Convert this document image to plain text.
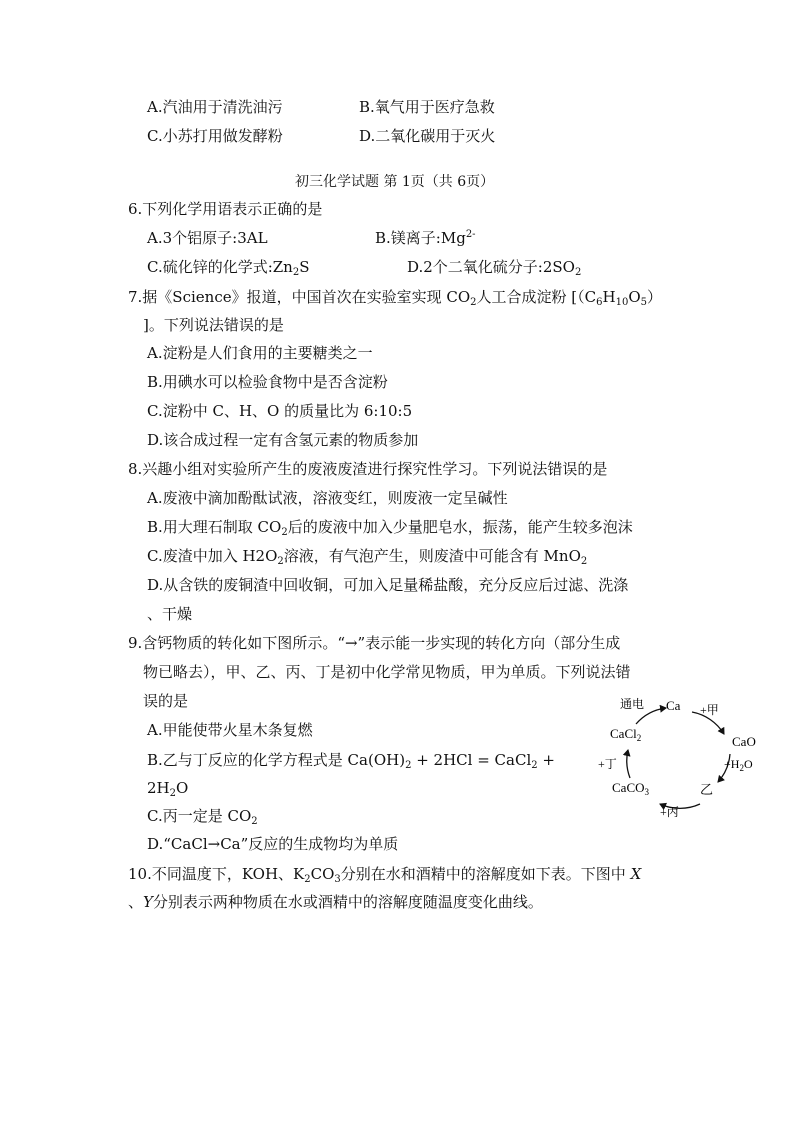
A.汽油用于清洗油污	B.氧气用于医疗急救
C.小苏打用做发酵粉	D.二氧化碳用于灭火
初三化学试题 第 1页（共 6页）
6.下列化学用语表示正确的是
A.3个铝原子:3AL	B.镁离子$:Mg^{2-}$
C.硫化锌的化学式$:Zn_2S$	D.2个二氧化硫分子$:2SO_2$
7.据《Science》报道，中国首次在实验室实现 $CO_2$人工合成淀粉 [$(C_6H_{10}O_5)$
]。下列说法错误的是
A.淀粉是人们食用的主要糖类之一
B.用碘水可以检验食物中是否含淀粉
C.淀粉中 C、H、O 的质量比为 6:10:5
D.该合成过程一定有含氢元素的物质参加
8.兴趣小组对实验所产生的废液废渣进行探究性学习。下列说法错误的是
A.废液中滴加酚酞试液，溶液变红，则废液一定呈碱性
B.用大理石制取 $CO_2$后的废液中加入少量肥皂水，振荡，能产生较多泡沫
C.废渣中加入 $H2O_2$溶液，有气泡产生，则废渣中可能含有 MnO$_2$
D.从含铁的废铜渣中回收铜，可加入足量稀盐酸，充分反应后过滤、洗涤
、干燥
9.含钙物质的转化如下图所示。“→”表示能一步实现的转化方向（部分生成
物已略去），甲、乙、丙、丁是初中化学常见物质，甲为单质。下列说法错
误的是
A.甲能使带火星木条复燃
B.乙与丁反应的化学方程式是 $Ca(OH)_2 + 2HCl$ = CaCl$_2$ +
$2H_2O$
C.丙一定是 $CO_2$
D.“CaCl→Ca”反应的生成物均为单质
Ca
CaO
乙
CaCO$_3$
CaCl$_2$
通电	+甲
$+H_2O$
+丙
+丁
10.不同温度下，KOH、$K_2CO_3$分别在水和酒精中的溶解度如下表。下图中 X
、Y分别表示两种物质在水或酒精中的溶解度随温度变化曲线。
